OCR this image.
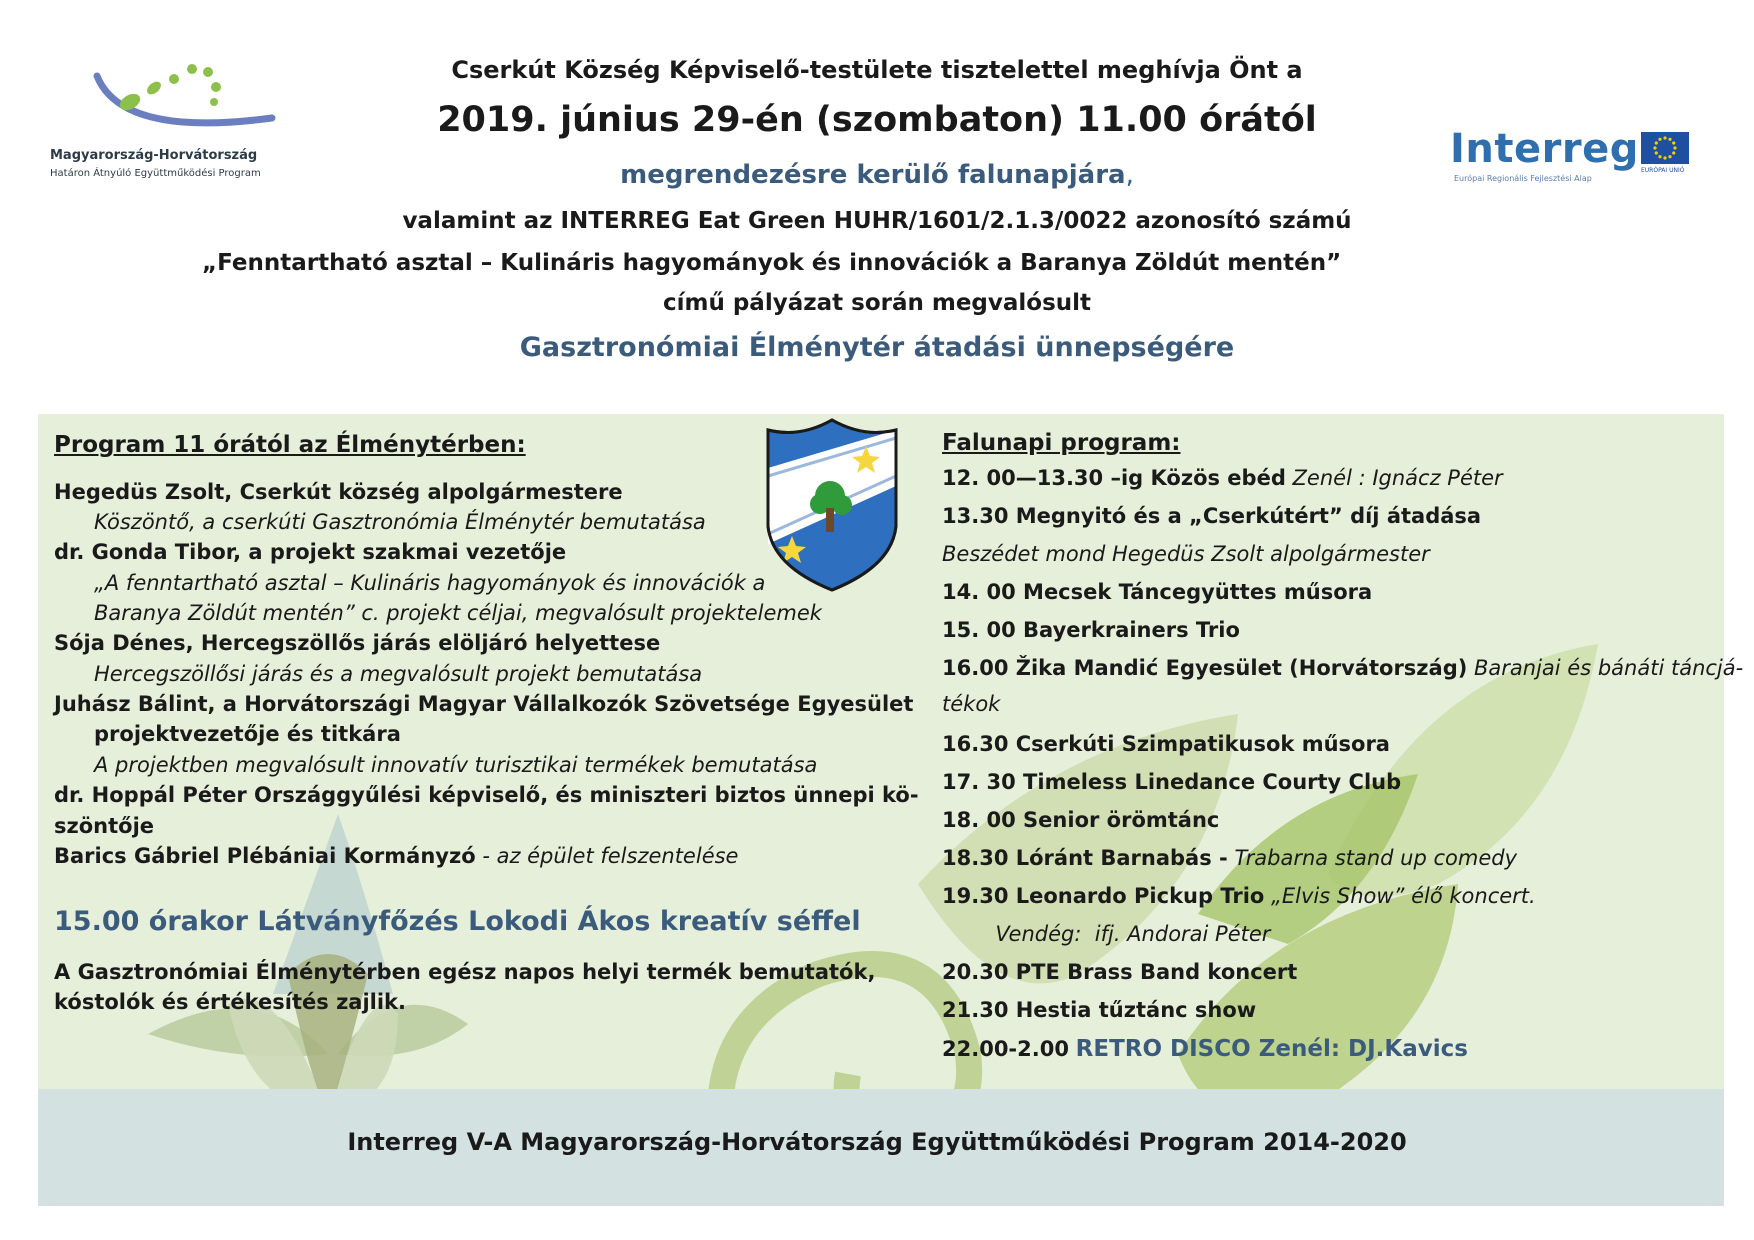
Magyarország-Horvátország
Határon Átnyúló Együttműködési Program
Interreg
Európai Regionális Fejlesztési Alap
EURÓPAI UNIÓ
Cserkút Község Képviselő-testülete tisztelettel meghívja Önt a
2019. június 29-én (szombaton) 11.00 órától
megrendezésre kerülő falunapjára,
valamint az INTERREG Eat Green HUHR/1601/2.1.3/0022 azonosító számú
„Fenntartható asztal – Kulináris hagyományok és innovációk a Baranya Zöldút mentén”
című pályázat során megvalósult
Gasztronómiai Élménytér átadási ünnepségére
Program 11 órától az Élménytérben:
Hegedüs Zsolt, Cserkút község alpolgármestere
Köszöntő, a cserkúti Gasztronómia Élménytér bemutatása
dr. Gonda Tibor, a projekt szakmai vezetője
„A fenntartható asztal – Kulináris hagyományok és innovációk a
Baranya Zöldút mentén” c. projekt céljai, megvalósult projektelemek
Sója Dénes, Hercegszöllős járás elöljáró helyettese
Hercegszöllősi járás és a megvalósult projekt bemutatása
Juhász Bálint, a Horvátországi Magyar Vállalkozók Szövetsége Egyesület
projektvezetője és titkára
A projektben megvalósult innovatív turisztikai termékek bemutatása
dr. Hoppál Péter Országgyűlési képviselő, és miniszteri biztos ünnepi kö-
szöntője
Barics Gábriel Plébániai Kormányzó - az épület felszentelése
15.00 órakor Látványfőzés Lokodi Ákos kreatív séffel
A Gasztronómiai Élménytérben egész napos helyi termék bemutatók,
kóstolók és értékesítés zajlik.
Falunapi program:
12. 00—13.30 –ig Közös ebéd Zenél : Ignácz Péter
13.30 Megnyitó és a „Cserkútért” díj átadása
Beszédet mond Hegedüs Zsolt alpolgármester
14. 00 Mecsek Táncegyüttes műsora
15. 00 Bayerkrainers Trio
16.00 Žika Mandić Egyesület (Horvátország) Baranjai és bánáti táncjá-
tékok
16.30 Cserkúti Szimpatikusok műsora
17. 30 Timeless Linedance Courty Club
18. 00 Senior örömtánc
18.30 Lóránt Barnabás - Trabarna stand up comedy
19.30 Leonardo Pickup Trio „Elvis Show” élő koncert.
Vendég:  ifj. Andorai Péter
20.30 PTE Brass Band koncert
21.30 Hestia tűztánc show
22.00-2.00 RETRO DISCO Zenél: DJ.Kavics
Interreg V-A Magyarország-Horvátország Együttműködési Program 2014-2020
